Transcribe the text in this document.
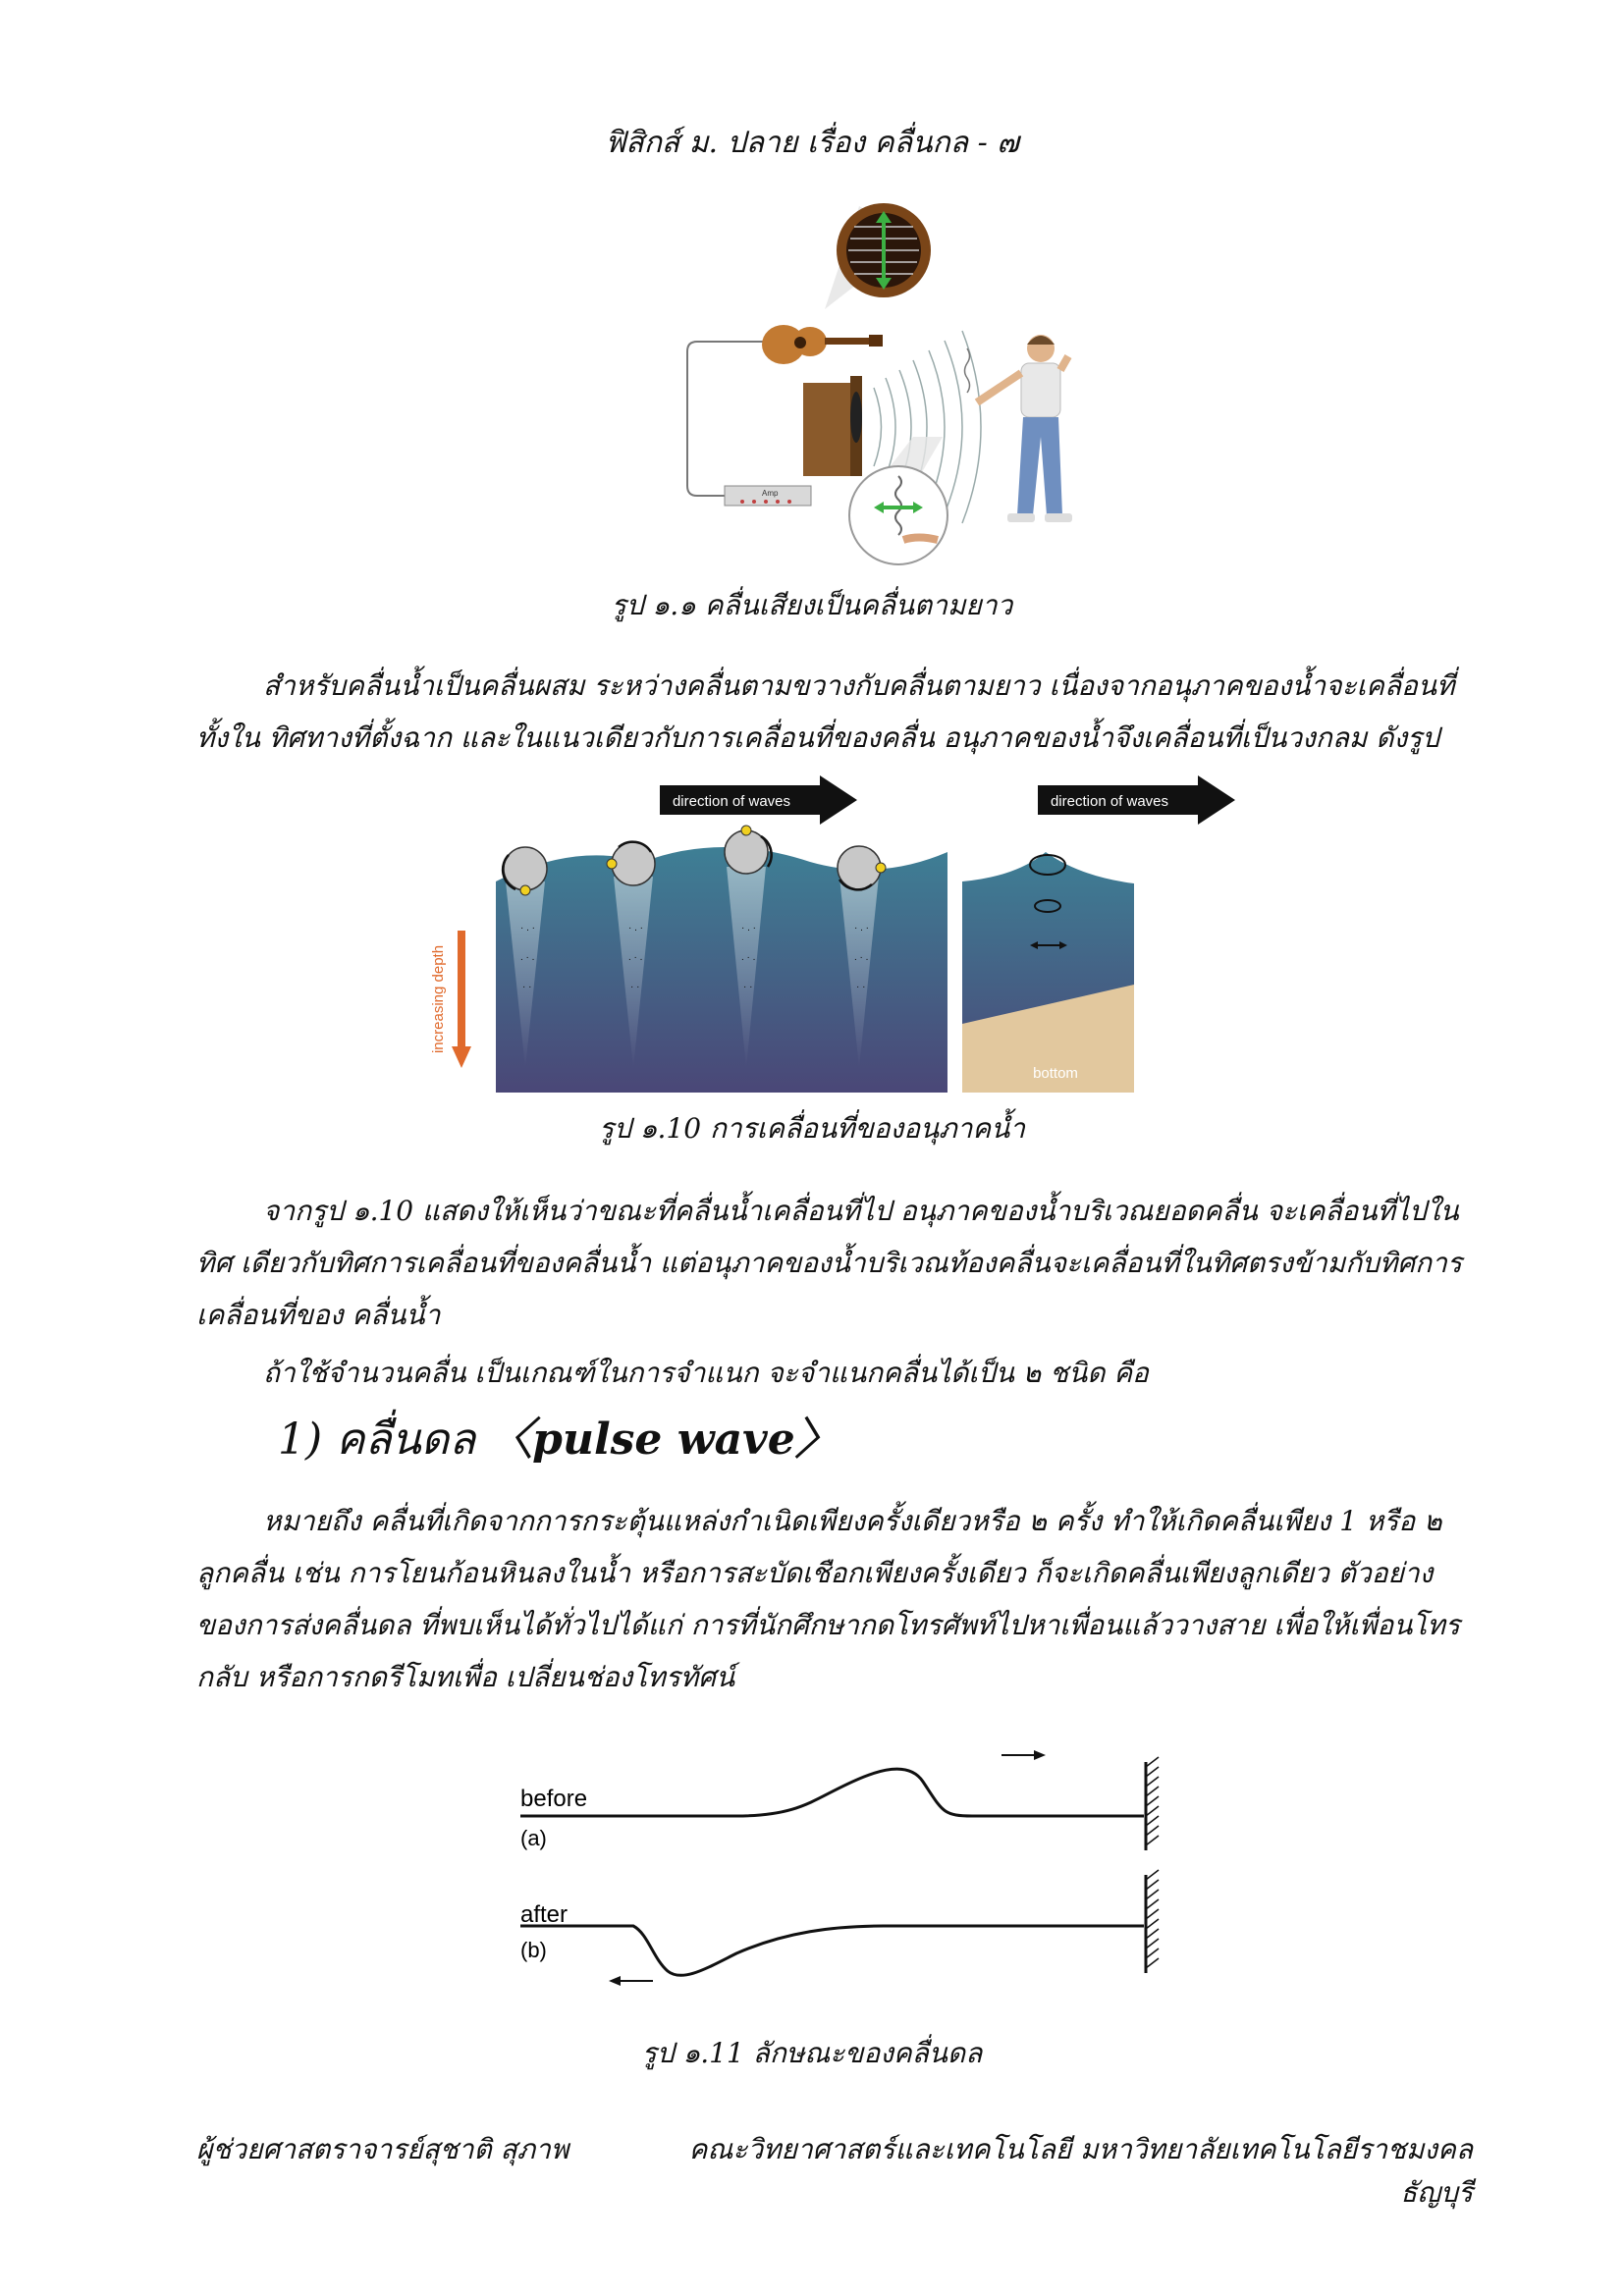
ฟิสิกส์ ม. ปลาย เรื่อง คลื่นกล - ๗
Amp
รูป ๑.๑ คลื่นเสียงเป็นคลื่นตามยาว
สำหรับคลื่นน้ำเป็นคลื่นผสม ระหว่างคลื่นตามขวางกับคลื่นตามยาว เนื่องจากอนุภาคของน้ำจะเคลื่อนที่ทั้งใน ทิศทางที่ตั้งฉาก และในแนวเดียวกับการเคลื่อนที่ของคลื่น อนุภาคของน้ำจึงเคลื่อนที่เป็นวงกลม ดังรูป
direction of waves	direction of waves
increasing depth
· . ·
. · .
· ·
· . ·
. · .
· ·
· . ·
. · .
· ·
· . ·
. · .
· ·
bottom
รูป ๑.10 การเคลื่อนที่ของอนุภาคน้ำ
จากรูป ๑.10 แสดงให้เห็นว่าขณะที่คลื่นน้ำเคลื่อนที่ไป อนุภาคของน้ำบริเวณยอดคลื่น จะเคลื่อนที่ไปในทิศ เดียวกับทิศการเคลื่อนที่ของคลื่นน้ำ แต่อนุภาคของน้ำบริเวณท้องคลื่นจะเคลื่อนที่ในทิศตรงข้ามกับทิศการเคลื่อนที่ของ คลื่นน้ำ
ถ้าใช้จำนวนคลื่น เป็นเกณฑ์ในการจำแนก จะจำแนกคลื่นได้เป็น ๒ ชนิด คือ
1) คลื่นดล 〈pulse wave〉
หมายถึง คลื่นที่เกิดจากการกระตุ้นแหล่งกำเนิดเพียงครั้งเดียวหรือ ๒ ครั้ง ทำให้เกิดคลื่นเพียง 1 หรือ ๒ ลูกคลื่น เช่น การโยนก้อนหินลงในน้ำ หรือการสะบัดเชือกเพียงครั้งเดียว ก็จะเกิดคลื่นเพียงลูกเดียว ตัวอย่างของการส่งคลื่นดล ที่พบเห็นได้ทั่วไปได้แก่ การที่นักศึกษากดโทรศัพท์ไปหาเพื่อนแล้ววางสาย เพื่อให้เพื่อนโทรกลับ หรือการกดรีโมทเพื่อ เปลี่ยนช่องโทรทัศน์
before
(a)
after
(b)
รูป ๑.11 ลักษณะของคลื่นดล
ผู้ช่วยศาสตราจารย์สุชาติ สุภาพ	คณะวิทยาศาสตร์และเทคโนโลยี มหาวิทยาลัยเทคโนโลยีราชมงคลธัญบุรี
